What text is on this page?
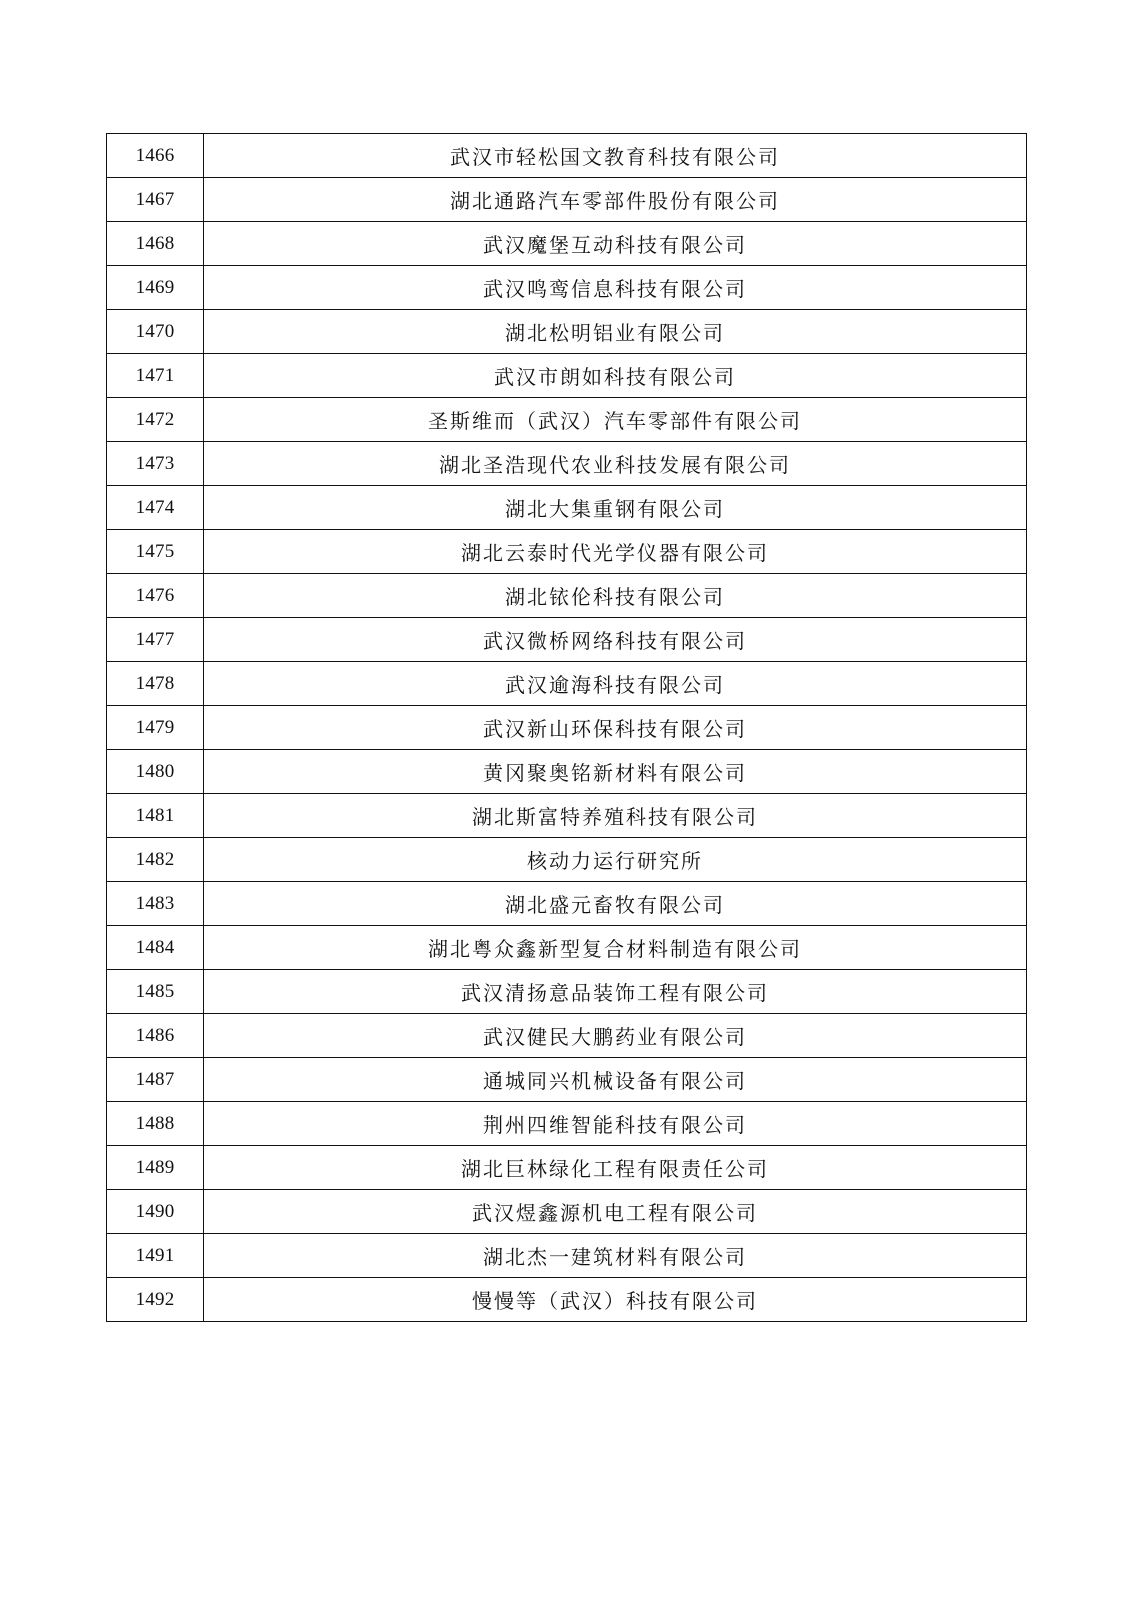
1466	武汉市轻松国文教育科技有限公司
1467	湖北通路汽车零部件股份有限公司
1468	武汉魔堡互动科技有限公司
1469	武汉鸣鸾信息科技有限公司
1470	湖北松明铝业有限公司
1471	武汉市朗如科技有限公司
1472	圣斯维而（武汉）汽车零部件有限公司
1473	湖北圣浩现代农业科技发展有限公司
1474	湖北大集重钢有限公司
1475	湖北云泰时代光学仪器有限公司
1476	湖北铱伦科技有限公司
1477	武汉微桥网络科技有限公司
1478	武汉逾海科技有限公司
1479	武汉新山环保科技有限公司
1480	黄冈聚奥铭新材料有限公司
1481	湖北斯富特养殖科技有限公司
1482	核动力运行研究所
1483	湖北盛元畜牧有限公司
1484	湖北粤众鑫新型复合材料制造有限公司
1485	武汉清扬意品装饰工程有限公司
1486	武汉健民大鹏药业有限公司
1487	通城同兴机械设备有限公司
1488	荆州四维智能科技有限公司
1489	湖北巨林绿化工程有限责任公司
1490	武汉煜鑫源机电工程有限公司
1491	湖北杰一建筑材料有限公司
1492	慢慢等（武汉）科技有限公司
